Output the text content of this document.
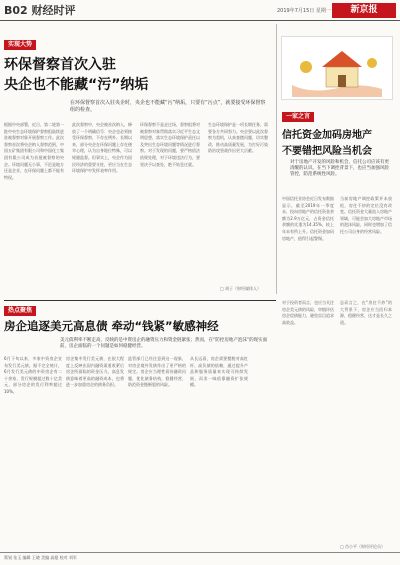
B02 财经时评	2019年7月15日 星期一	新京报
实现大势
环保督察首次入驻
央企也不能藏“污”纳垢
在环保督察首次入驻央企时，央企也不能藏“污”纳垢，只要有“污点”，就要接受环保督察组的检查。
根据中央部署，近日，第二轮第一批中央生态环境保护督察组陆续进驻被督察对象开展督察工作。此次督察首次将央企纳入督察范围，中国五矿集团有限公司和中国化工集团有限公司成为首批被督察的央企。环境问题无小事，不论是地方还是企业，在环保问题上都不能有特权。
此次督察中，央企被首次纳入，释放了一个明确信号：央企也必须接受环保督察，不存在例外。长期以来，部分央企在环保问题上存在侥幸心理，认为自身地位特殊，可以规避监督。但事实上，央企作为国民经济的重要支柱，更应当在生态环境保护中发挥表率作用。
环保督察不是走过场，督察组将对被督察对象贯彻落实习近平生态文明思想、落实生态环境保护责任以及突出生态环境问题等情况进行督察。对于发现的问题，要严格依法依规处理，对于环境违法行为，要坚决予以查处，绝不姑息迁就。
生态环境保护是一项长期任务，需要各方共同努力。央企要以此次督察为契机，认真查摆问题，切实整改，推动高质量发展，为打好污染防治攻坚战作出更大贡献。
□ 胡子（财经媒体人）
一家之言
信托资金加码房地产
不要错把风险当机会
对于房地产开发的风险和机会，信托公司应该有更清醒的认识。在当下调控背景下，也应当加强风险管控，防范系统性风险。
中国信托业协会近日发布数据显示，截至2019年一季度末，投向房地产的信托资金余额为2.9万亿元，占资金信托余额的比重为14.35%，较上年末有所上升。信托资金加码房地产，值得引起警惕。
当前房地产调控政策并未放松，房住不炒的定位没有改变。信托资金大量流入房地产领域，可能会加大房地产市场的泡沫风险，同时也增加了信托公司自身的经营风险。
热点聚焦
房企追逐美元高息债 牵动“钱紧”敏感神经
美元债利率不断走高，反映的是中资房企的融资压力和资金链紧张；然而，在“防控房地产泡沫”的现实面前，房企面临的一个问题是如何稳健经营。
6月下旬以来，多家中资房企宣布发行美元债。据不完全统计，6月发行美元债的中资房企有二十余家，发行规模超过数十亿美元，部分房企的发行利率超过10%。
房企集中发行美元债，在很大程度上反映出国内融资渠道收紧后房企所面临的资金压力。高息发债意味着更高的融资成本，也将进一步加重房企的债务负担。
监管部门已经注意到这一现象，对房企境外发债作出了更严格的规定。房企应当理性看待融资问题，优化债务结构，稳健经营，防范资金链断裂的风险。
从长远看，房企需要摆脱对高杠杆、高负债的依赖，通过提升产品和服务质量来实现可持续发展，而非一味依靠融资扩张规模。
对于投资者而言，也应当关注房企美元债的风险，审慎评估房企偿债能力，避免盲目追求高收益。
总而言之，在“房住不炒”的大背景下，房企应当回归本源，稳健经营，这才是长久之道。
□ 肖小平（财经评论员）
策划 张玉 编辑 王晓 美编 高超 校对 刘军
